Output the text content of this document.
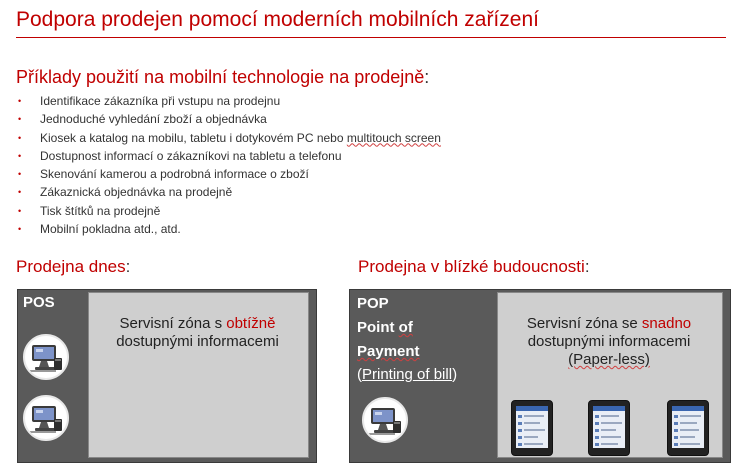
Podpora prodejen pomocí moderních mobilních zařízení
Příklady použití na mobilní technologie na prodejně:
• Identifikace zákazníka při vstupu na prodejnu
• Jednoduché vyhledání zboží a objednávka
• Kiosek a katalog na mobilu, tabletu i dotykovém PC nebo multitouch screen
• Dostupnost informací o zákazníkovi na tabletu a telefonu
• Skenování kamerou a podrobná informace o zboží
• Zákaznická objednávka na prodejně
• Tisk štítků na prodejně
• Mobilní pokladna atd., atd.
Prodejna dnes:	Prodejna v blízké budoucnosti:
POS
Servisní zóna s obtížně
dostupnými informacemi
POP
Point of
Payment
(Printing of bill)
Servisní zóna se snadno
dostupnými informacemi
(Paper-less)
